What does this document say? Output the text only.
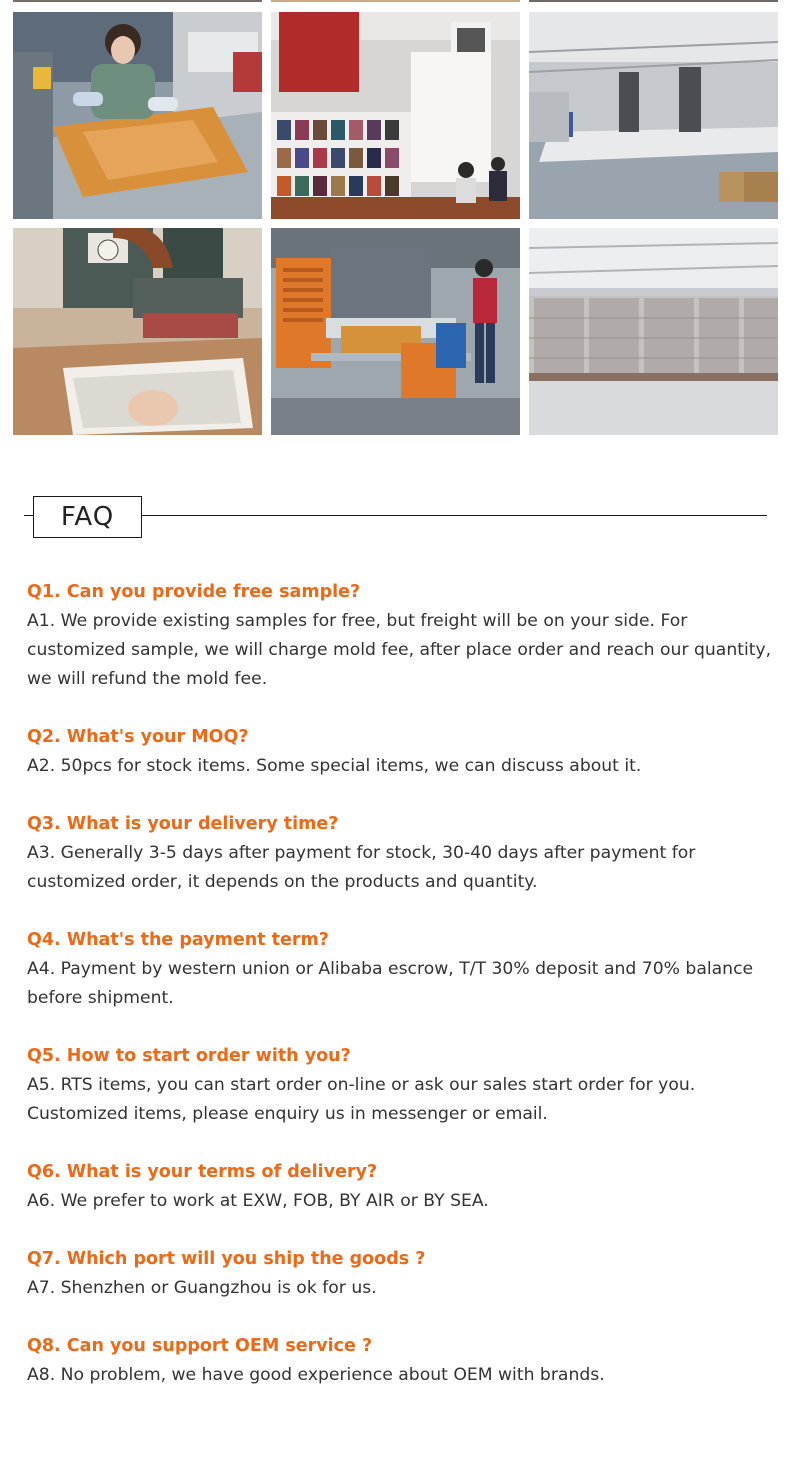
FAQ
Q1. Can you provide free sample?
A1. We provide existing samples for free, but freight will be on your side. For customized sample, we will charge mold fee, after place order and reach our quantity, we will refund the mold fee.
Q2. What's your MOQ?
A2. 50pcs for stock items. Some special items, we can discuss about it.
Q3. What is your delivery time?
A3. Generally 3-5 days after payment for stock, 30-40 days after payment for customized order, it depends on the products and quantity.
Q4. What's the payment term?
A4. Payment by western union or Alibaba escrow, T/T 30% deposit and 70% balance before shipment.
Q5. How to start order with you?
A5. RTS items, you can start order on-line or ask our sales start order for you. Customized items, please enquiry us in messenger or email.
Q6. What is your terms of delivery?
A6. We prefer to work at EXW, FOB, BY AIR or BY SEA.
Q7. Which port will you ship the goods ?
A7. Shenzhen or Guangzhou is ok for us.
Q8. Can you support OEM service ?
A8. No problem, we have good experience about OEM with brands.
